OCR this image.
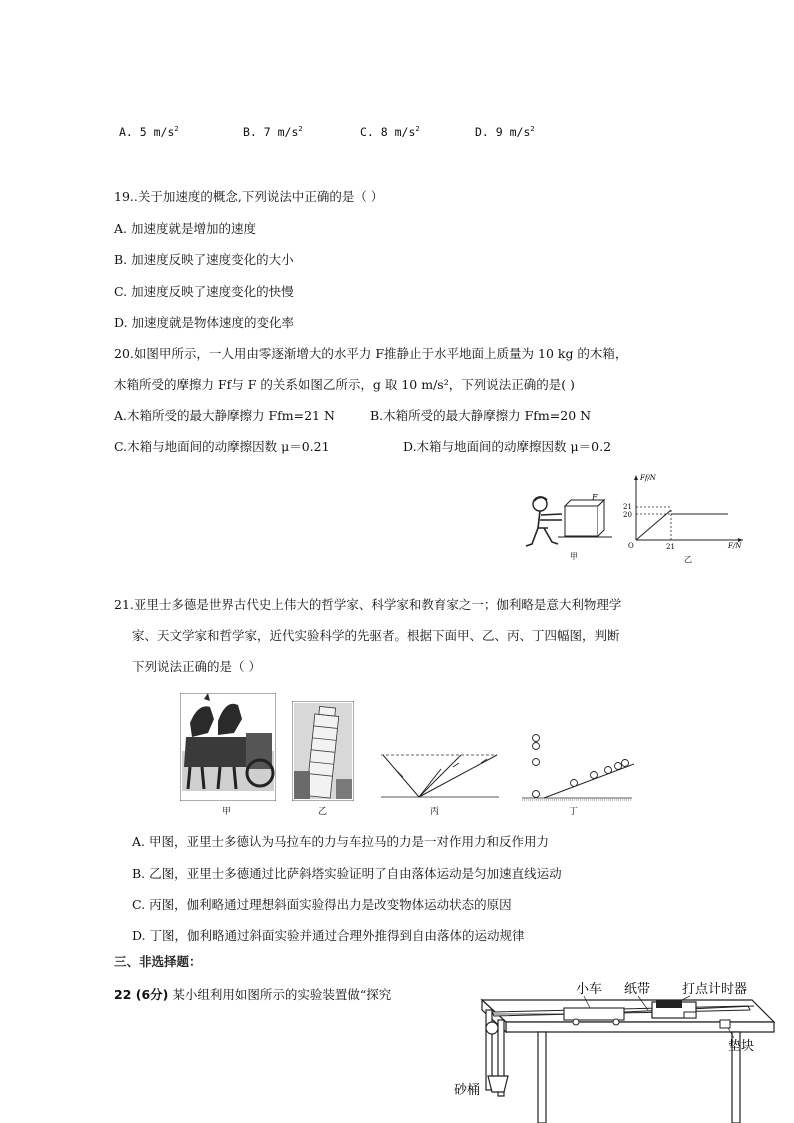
A. 5 $m/s^2$	B. 7 $m/s^2$	C. 8 $m/s^2$	D. 9 $m/s^2$
19..关于加速度的概念,下列说法中正确的是（ ）
A. 加速度就是增加的速度
B. 加速度反映了速度变化的大小
C. 加速度反映了速度变化的快慢
D. 加速度就是物体速度的变化率
20.如图甲所示，一人用由零逐渐增大的水平力 F推静止于水平地面上质量为 10 kg 的木箱，
木箱所受的摩擦力 Ff与 F 的关系如图乙所示，g 取 10 m/s²，下列说法正确的是( )
A.木箱所受的最大静摩擦力 Ffm=21 N	B.木箱所受的最大静摩擦力 Ffm=20 N
C.木箱与地面间的动摩擦因数 μ＝0.21	D.木箱与地面间的动摩擦因数 μ＝0.2
F
甲
Ff/N
F/N
O
21
20
21
乙
21.亚里士多德是世界古代史上伟大的哲学家、科学家和教育家之一；伽利略是意大利物理学
家、天文学家和哲学家，近代实验科学的先驱者。根据下面甲、乙、丙、丁四幅图，判断
下列说法正确的是（ ）
甲	乙	丙	丁
A. 甲图，亚里士多德认为马拉车的力与车拉马的力是一对作用力和反作用力
B. 乙图，亚里士多德通过比萨斜塔实验证明了自由落体运动是匀加速直线运动
C. 丙图，伽利略通过理想斜面实验得出力是改变物体运动状态的原因
D. 丁图，伽利略通过斜面实验并通过合理外推得到自由落体的运动规律
三、非选择题：
22 (6分) 某小组利用如图所示的实验装置做“探究	小车 纸带 打点计时器
垫块
砂桶
